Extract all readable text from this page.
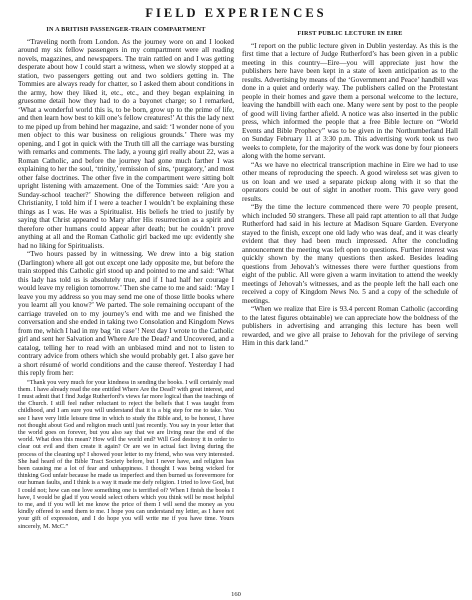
FIELD EXPERIENCES
IN A BRITISH PASSENGER-TRAIN COMPARTMENT

“Traveling north from London. As the journey wore on and I looked around my six fellow passengers in my compartment were all reading novels, magazines, and newspapers. The train rattled on and I was getting desperate about how I could start a witness, when we slowly stopped at a station, two passengers getting out and two soldiers getting in. The Tommies are always ready for chatter, so I asked them about conditions in the army, how they liked it, etc., etc., and they began explaining in gruesome detail how they had to do a bayonet charge; so I remarked, ‘What a wonderful world this is, to be born, grow up to the prime of life, and then learn how best to kill one’s fellow creatures!’ At this the lady next to me piped up from behind her magazine, and said: ‘I wonder none of you men object to this war business on religious grounds.’ There was my opening, and I got in quick with the Truth till all the carriage was bursting with remarks and comments. The lady, a young girl really about 22, was a Roman Catholic, and before the journey had gone much farther I was explaining to her the soul, ‘trinity,’ remission of sins, ‘purgatory,’ and most other false doctrines. The other five in the compartment were sitting bolt upright listening with amazement. One of the Tommies said: ‘Are you a Sunday-school teacher?’ Showing the difference between religion and Christianity, I told him if I were a teacher I wouldn’t be explaining these things as I was. He was a Spiritualist. His beliefs he tried to justify by saying that Christ appeared to Mary after His resurrection as a spirit and therefore other humans could appear after death; but he couldn’t prove anything at all and the Roman Catholic girl backed me up: evidently she had no liking for Spiritualists.

“Two hours passed by in witnessing. We drew into a big station (Darlington) where all got out except one lady opposite me, but before the train stopped this Catholic girl stood up and pointed to me and said: ‘What this lady has told us is absolutely true, and if I had half her courage I would leave my religion tomorrow.’ Then she came to me and said: ‘May I leave you my address so you may send me one of those little books where you learnt all you know?’ We parted. The sole remaining occupant of the carriage traveled on to my journey’s end with me and we finished the conversation and she ended in taking two Consolation and Kingdom News from me, which I had in my bag ‘in case’! Next day I wrote to the Catholic girl and sent her Salvation and Where Are the Dead? and Uncovered, and a catalog, telling her to read with an unbiased mind and not to listen to contrary advice from others which she would probably get. I also gave her a short résumé of world conditions and the cause thereof. Yesterday I had this reply from her:

“Thank you very much for your kindness in sending the books. I will certainly read them. I have already read the one entitled Where Are the Dead? with great interest, and I must admit that I find Judge Rutherford’s views far more logical than the teachings of the Church. I still feel rather reluctant to reject the beliefs that I was taught from childhood, and I am sure you will understand that it is a big step for me to take. You see I have very little leisure time in which to study the Bible and, to be honest, I have not thought about God and religion much until just recently. You say in your letter that the world goes on forever, but you also say that we are living near the end of the world. What does this mean? How will the world end? Will God destroy it in order to clear out evil and then create it again? Or are we in actual fact living during the process of the cleaning up? I showed your letter to my friend, who was very interested. She had heard of the Bible Tract Society before, but I never have, and religion has been causing me a lot of fear and unhappiness. I thought I was being wicked for thinking God unfair because he made us imperfect and then burned us forevermore for our human faults, and I think is a way it made me defy religion. I tried to love God, but I could not; how can one love something one is terrified of? When I finish the books I have, I would be glad if you would select others which you think will be most helpful to me, and if you will let me know the price of them I will send the money as you kindly offered to send them to me. I hope you can understand my letter, as I have not your gift of expression, and I do hope you will write me if you have time. Yours sincerely, M. McC.”

FIRST PUBLIC LECTURE IN EIRE

“I report on the public lecture given in Dublin yesterday. As this is the first time that a lecture of Judge Rutherford’s has been given in a public meeting in this country—Eire—you will appreciate just how the publishers here have been kept in a state of keen anticipation as to the results. Advertising by means of the ‘Government and Peace’ handbill was done in a quiet and orderly way. The publishers called on the Protestant people in their homes and gave them a personal welcome to the lecture, leaving the handbill with each one. Many were sent by post to the people of good will living farther afield. A notice was also inserted in the public press, which informed the people that a free Bible lecture on “World Events and Bible Prophecy” was to be given in the Northumberland Hall on Sunday February 11 at 3:30 p.m. This advertising work took us two weeks to complete, for the majority of the work was done by four pioneers along with the home servant.

“As we have no electrical transcription machine in Eire we had to use other means of reproducing the speech. A good wireless set was given to us on loan and we used a separate pickup along with it so that the operators could be out of sight in another room. This gave very good results.

“By the time the lecture commenced there were 70 people present, which included 50 strangers. These all paid rapt attention to all that Judge Rutherford had said in his lecture at Madison Square Garden. Everyone stayed to the finish, except one old lady who was deaf, and it was clearly evident that they had been much impressed. After the concluding announcement the meeting was left open to questions. Further interest was quickly shown by the many questions then asked. Besides leading questions from Jehovah’s witnesses there were further questions from eight of the public. All were given a warm invitation to attend the weekly meetings of Jehovah’s witnesses, and as the people left the hall each one received a copy of Kingdom News No. 5 and a copy of the schedule of meetings.

“When we realize that Eire is 93.4 percent Roman Catholic (according to the latest figures obtainable) we can appreciate how the boldness of the publishers in advertising and arranging this lecture has been well rewarded, and we give all praise to Jehovah for the privilege of serving Him in this dark land.”

160
